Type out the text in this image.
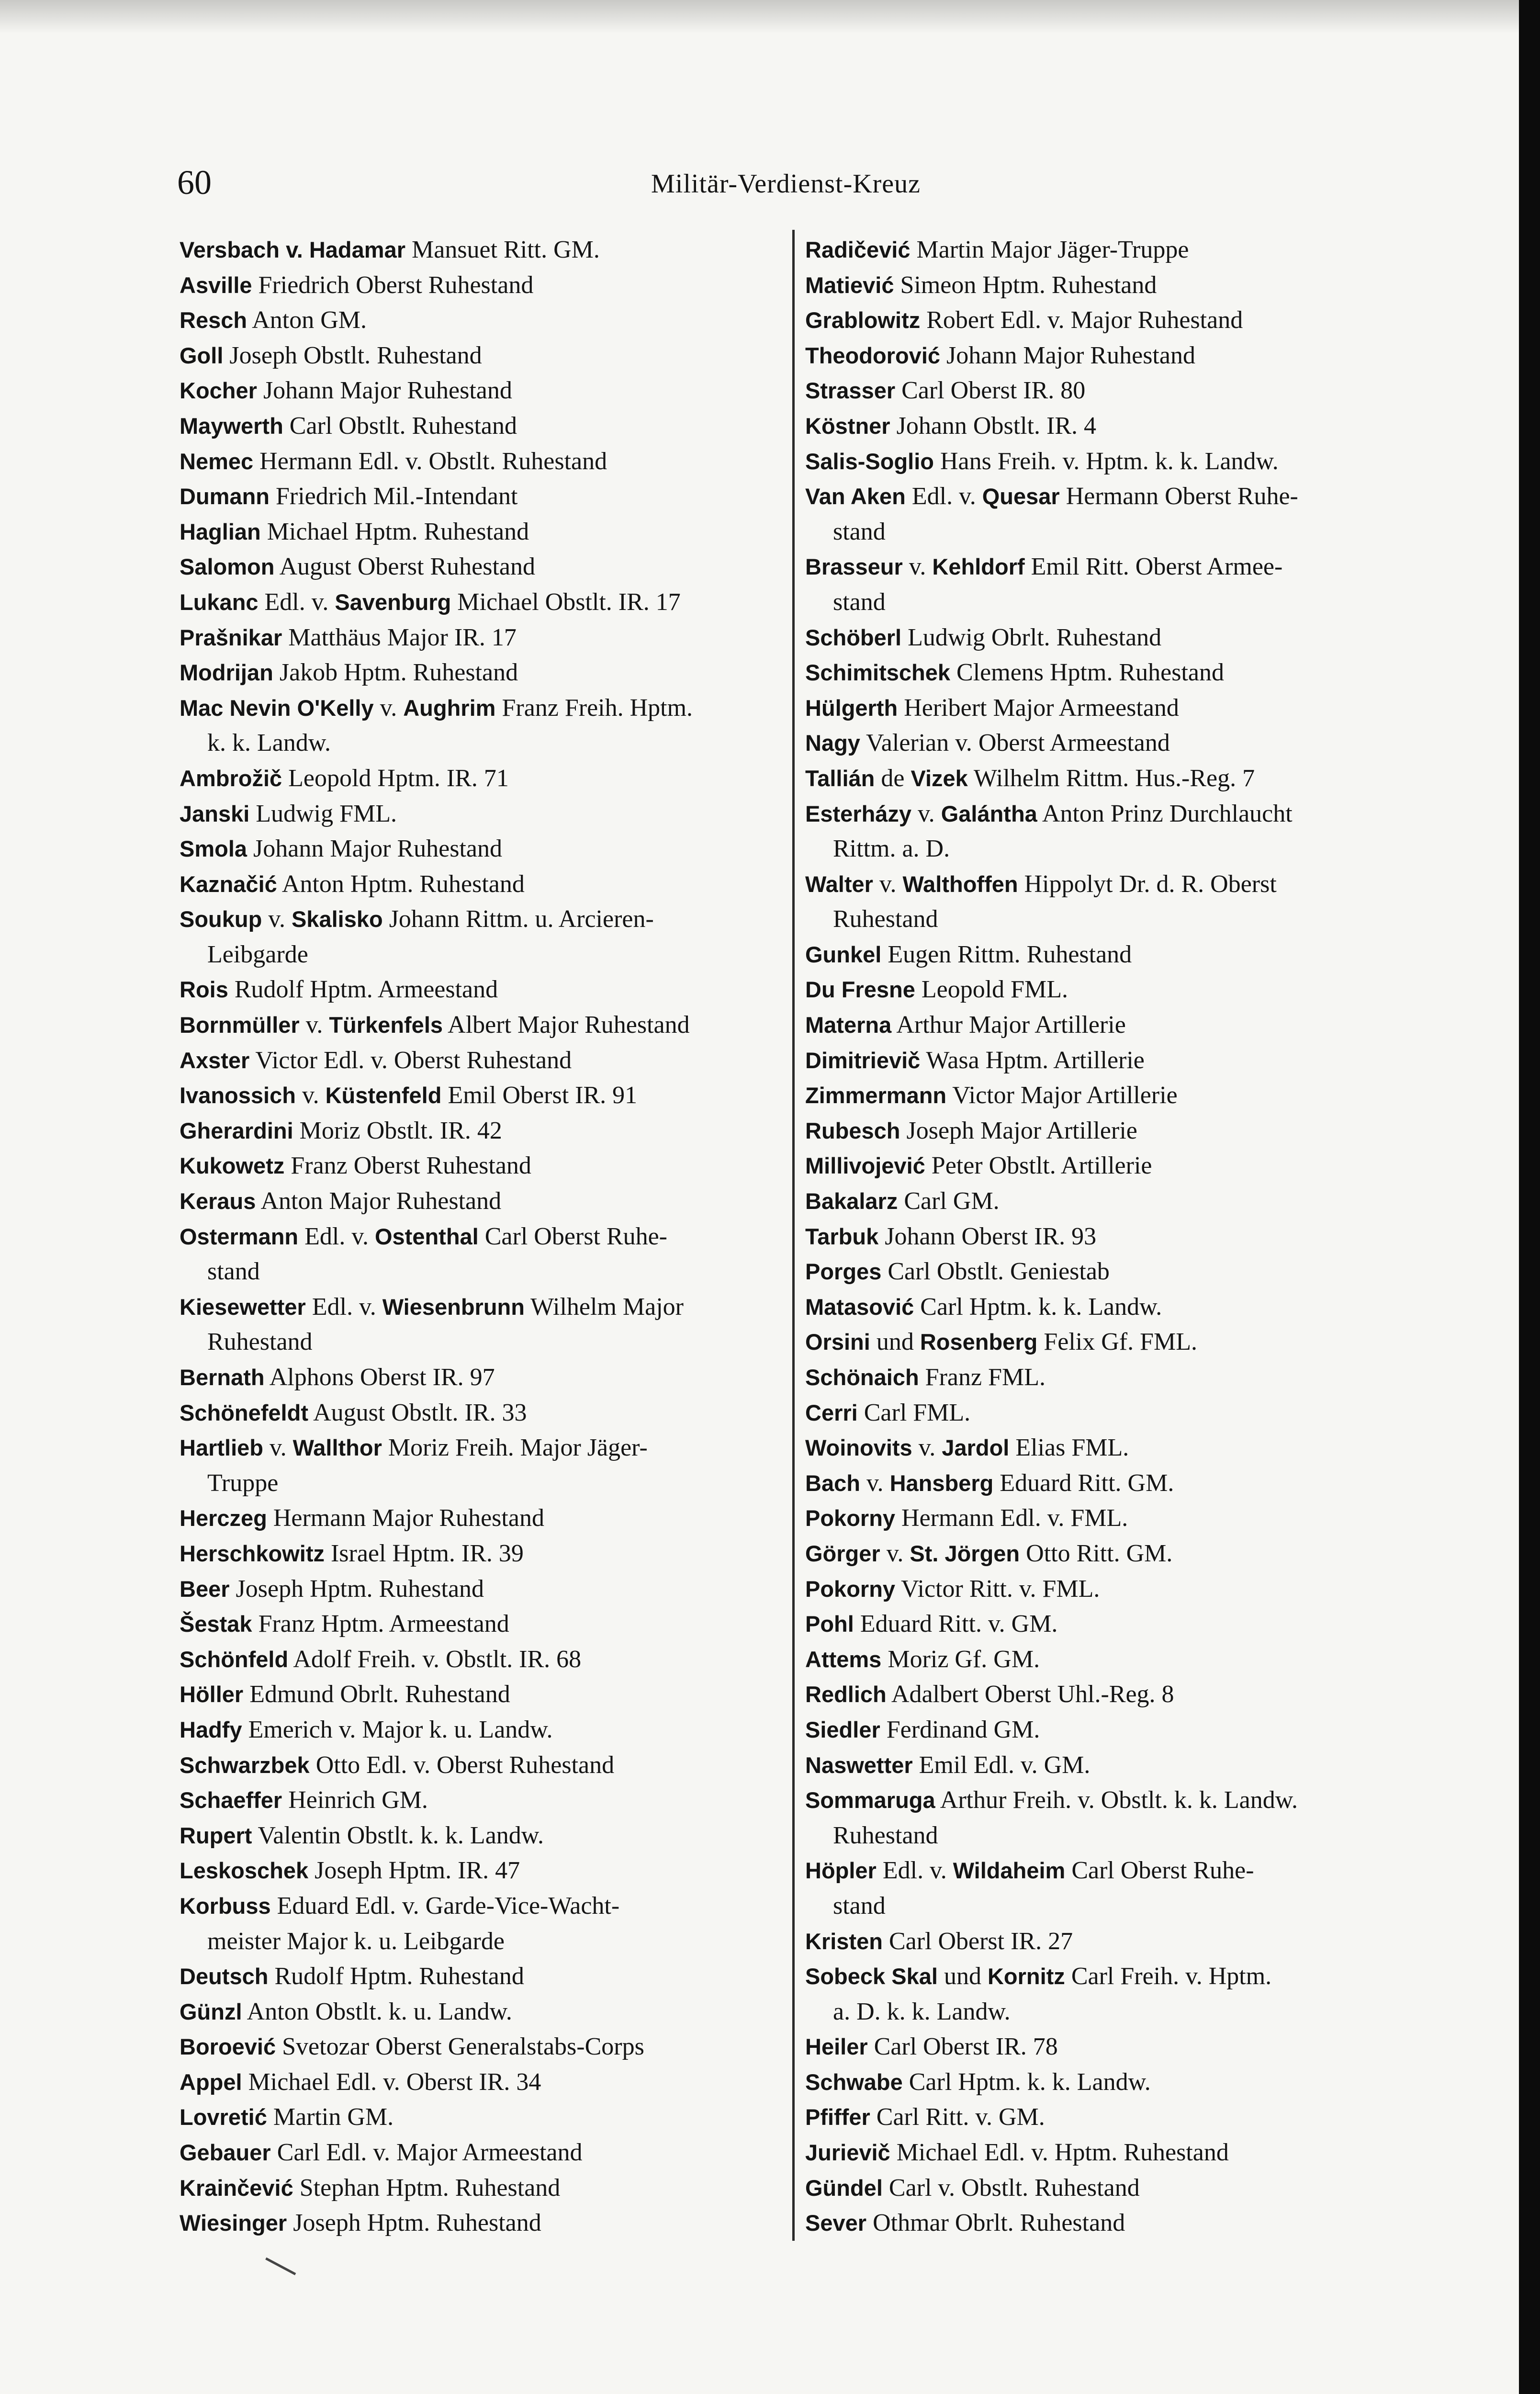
60	Militär-Verdienst-Kreuz
Versbach v. Hadamar Mansuet Ritt. GM.
Asville Friedrich Oberst Ruhestand
Resch Anton GM.
Goll Joseph Obstlt. Ruhestand
Kocher Johann Major Ruhestand
Maywerth Carl Obstlt. Ruhestand
Nemec Hermann Edl. v. Obstlt. Ruhestand
Dumann Friedrich Mil.-Intendant
Haglian Michael Hptm. Ruhestand
Salomon August Oberst Ruhestand
Lukanc Edl. v. Savenburg Michael Obstlt. IR. 17
Prašnikar Matthäus Major IR. 17
Modrijan Jakob Hptm. Ruhestand
Mac Nevin O'Kelly v. Aughrim Franz Freih. Hptm.
k. k. Landw.
Ambrožič Leopold Hptm. IR. 71
Janski Ludwig FML.
Smola Johann Major Ruhestand
Kaznačić Anton Hptm. Ruhestand
Soukup v. Skalisko Johann Rittm. u. Arcieren-
Leibgarde
Rois Rudolf Hptm. Armeestand
Bornmüller v. Türkenfels Albert Major Ruhestand
Axster Victor Edl. v. Oberst Ruhestand
Ivanossich v. Küstenfeld Emil Oberst IR. 91
Gherardini Moriz Obstlt. IR. 42
Kukowetz Franz Oberst Ruhestand
Keraus Anton Major Ruhestand
Ostermann Edl. v. Ostenthal Carl Oberst Ruhe-
stand
Kiesewetter Edl. v. Wiesenbrunn Wilhelm Major
Ruhestand
Bernath Alphons Oberst IR. 97
Schönefeldt August Obstlt. IR. 33
Hartlieb v. Wallthor Moriz Freih. Major Jäger-
Truppe
Herczeg Hermann Major Ruhestand
Herschkowitz Israel Hptm. IR. 39
Beer Joseph Hptm. Ruhestand
Šestak Franz Hptm. Armeestand
Schönfeld Adolf Freih. v. Obstlt. IR. 68
Höller Edmund Obrlt. Ruhestand
Hadfy Emerich v. Major k. u. Landw.
Schwarzbek Otto Edl. v. Oberst Ruhestand
Schaeffer Heinrich GM.
Rupert Valentin Obstlt. k. k. Landw.
Leskoschek Joseph Hptm. IR. 47
Korbuss Eduard Edl. v. Garde-Vice-Wacht-
meister Major k. u. Leibgarde
Deutsch Rudolf Hptm. Ruhestand
Günzl Anton Obstlt. k. u. Landw.
Boroević Svetozar Oberst Generalstabs-Corps
Appel Michael Edl. v. Oberst IR. 34
Lovretić Martin GM.
Gebauer Carl Edl. v. Major Armeestand
Krainčević Stephan Hptm. Ruhestand
Wiesinger Joseph Hptm. Ruhestand
Radičević Martin Major Jäger-Truppe
Matiević Simeon Hptm. Ruhestand
Grablowitz Robert Edl. v. Major Ruhestand
Theodorović Johann Major Ruhestand
Strasser Carl Oberst IR. 80
Köstner Johann Obstlt. IR. 4
Salis-Soglio Hans Freih. v. Hptm. k. k. Landw.
Van Aken Edl. v. Quesar Hermann Oberst Ruhe-
stand
Brasseur v. Kehldorf Emil Ritt. Oberst Armee-
stand
Schöberl Ludwig Obrlt. Ruhestand
Schimitschek Clemens Hptm. Ruhestand
Hülgerth Heribert Major Armeestand
Nagy Valerian v. Oberst Armeestand
Tallián de Vizek Wilhelm Rittm. Hus.-Reg. 7
Esterházy v. Galántha Anton Prinz Durchlaucht
Rittm. a. D.
Walter v. Walthoffen Hippolyt Dr. d. R. Oberst
Ruhestand
Gunkel Eugen Rittm. Ruhestand
Du Fresne Leopold FML.
Materna Arthur Major Artillerie
Dimitrievič Wasa Hptm. Artillerie
Zimmermann Victor Major Artillerie
Rubesch Joseph Major Artillerie
Millivojević Peter Obstlt. Artillerie
Bakalarz Carl GM.
Tarbuk Johann Oberst IR. 93
Porges Carl Obstlt. Geniestab
Matasović Carl Hptm. k. k. Landw.
Orsini und Rosenberg Felix Gf. FML.
Schönaich Franz FML.
Cerri Carl FML.
Woinovits v. Jardol Elias FML.
Bach v. Hansberg Eduard Ritt. GM.
Pokorny Hermann Edl. v. FML.
Görger v. St. Jörgen Otto Ritt. GM.
Pokorny Victor Ritt. v. FML.
Pohl Eduard Ritt. v. GM.
Attems Moriz Gf. GM.
Redlich Adalbert Oberst Uhl.-Reg. 8
Siedler Ferdinand GM.
Naswetter Emil Edl. v. GM.
Sommaruga Arthur Freih. v. Obstlt. k. k. Landw.
Ruhestand
Höpler Edl. v. Wildaheim Carl Oberst Ruhe-
stand
Kristen Carl Oberst IR. 27
Sobeck Skal und Kornitz Carl Freih. v. Hptm.
a. D. k. k. Landw.
Heiler Carl Oberst IR. 78
Schwabe Carl Hptm. k. k. Landw.
Pfiffer Carl Ritt. v. GM.
Jurievič Michael Edl. v. Hptm. Ruhestand
Gündel Carl v. Obstlt. Ruhestand
Sever Othmar Obrlt. Ruhestand
